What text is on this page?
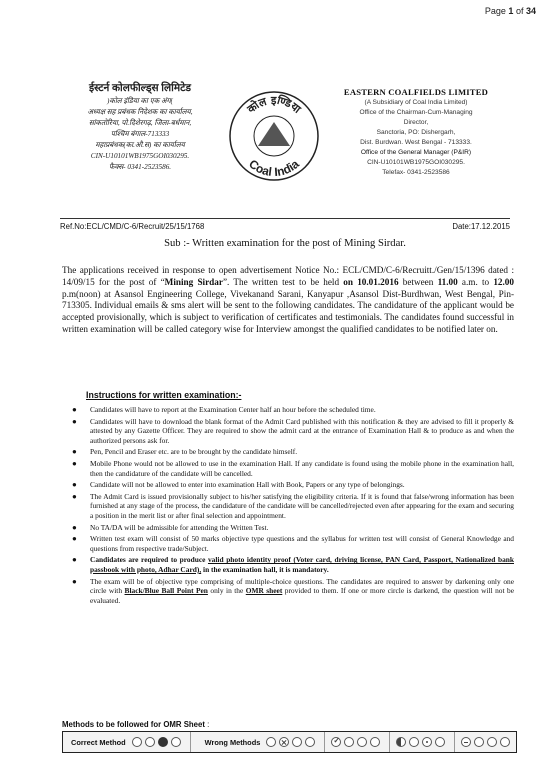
Page 1 of 34
ईस्टर्न कोलफील्ड्स लिमिटेड
)कोल इंडिया का एक अंग(
अध्यक्ष सह प्रबंधक निदेशक का कार्यालय,
सांकतोरिया, पो.दिशेरगढ़, जिला-बर्धमान,
पश्चिम बंगाल-713333
महाप्रबंधक(का.औ.स) का कार्यालय
CIN-U10101WB1975GOI030295.
फैक्स- 0341-2523586.
कोल इण्डिया
Coal India
EASTERN COALFIELDS LIMITED
(A Subsidiary of Coal India Limited)
Office of the Chairman-Cum-Managing
Director,
Sanctoria, PO: Dishergarh,
Dist. Burdwan. West Bengal - 713333.
Office of the General Manager (P&IR)
CIN-U10101WB1975GOI030295.
Telefax- 0341-2523586
Ref.No:ECL/CMD/C-6/Recruit/25/15/1768	Date:17.12.2015
Sub :- Written examination for the post of Mining Sirdar.
The applications received in response to open advertisement Notice No.: ECL/CMD/C-6/Recruitt./Gen/15/1396 dated : 14/09/15 for the post of “Mining Sirdar”. The written test to be held on 10.01.2016 between 11.00 a.m. to 12.00 p.m(noon) at Asansol Engineering College, Vivekanand Sarani, Kanyapur ,Asansol Dist-Burdhwan, West Bengal, Pin-713305. Individual emails & sms alert will be sent to the following candidates. The candidature of the applicant would be accepted provisionally, which is subject to verification of certificates and testimonials. The candidates found successful in written examination will be called category wise for Interview amongst the qualified candidates to be notified later on.
Instructions for written examination:-
● Candidates will have to report at the Examination Center half an hour before the scheduled time.
● Candidates will have to download the blank format of the Admit Card published with this notification & they are advised to fill it properly & attested by any Gazette Officer. They are required to show the admit card at the entrance of Examination Hall & to produce as and when the authorized persons ask for.
● Pen, Pencil and Eraser etc. are to be brought by the candidate himself.
● Mobile Phone would not be allowed to use in the examination Hall. If any candidate is found using the mobile phone in the examination hall, then the candidature of the candidate will be cancelled.
● Candidate will not be allowed to enter into examination Hall with Book, Papers or any type of belongings.
● The Admit Card is issued provisionally subject to his/her satisfying the eligibility criteria. If it is found that false/wrong information has been furnished at any stage of the process, the candidature of the candidate will be cancelled/rejected even after appearing for the exam and securing a position in the merit list or after final selection and appointment.
● No TA/DA will be admissible for attending the Written Test.
● Written test exam will consist of 50 marks objective type questions and the syllabus for written test will consist of General Knowledge and questions from respective trade/Subject.
● Candidates are required to produce valid photo identity proof (Voter card, driving license, PAN Card, Passport, Nationalized bank passbook with photo, Adhar Card), in the examination hall, it is mandatory.
● The exam will be of objective type comprising of multiple-choice questions. The candidates are required to answer by darkening only one circle with Black/Blue Ball Point Pen only in the OMR sheet provided to them. If one or more circle is darkend, the question will not be evaluated.
Methods to be followed for OMR Sheet :
Correct Method	Wrong Methods
✓
